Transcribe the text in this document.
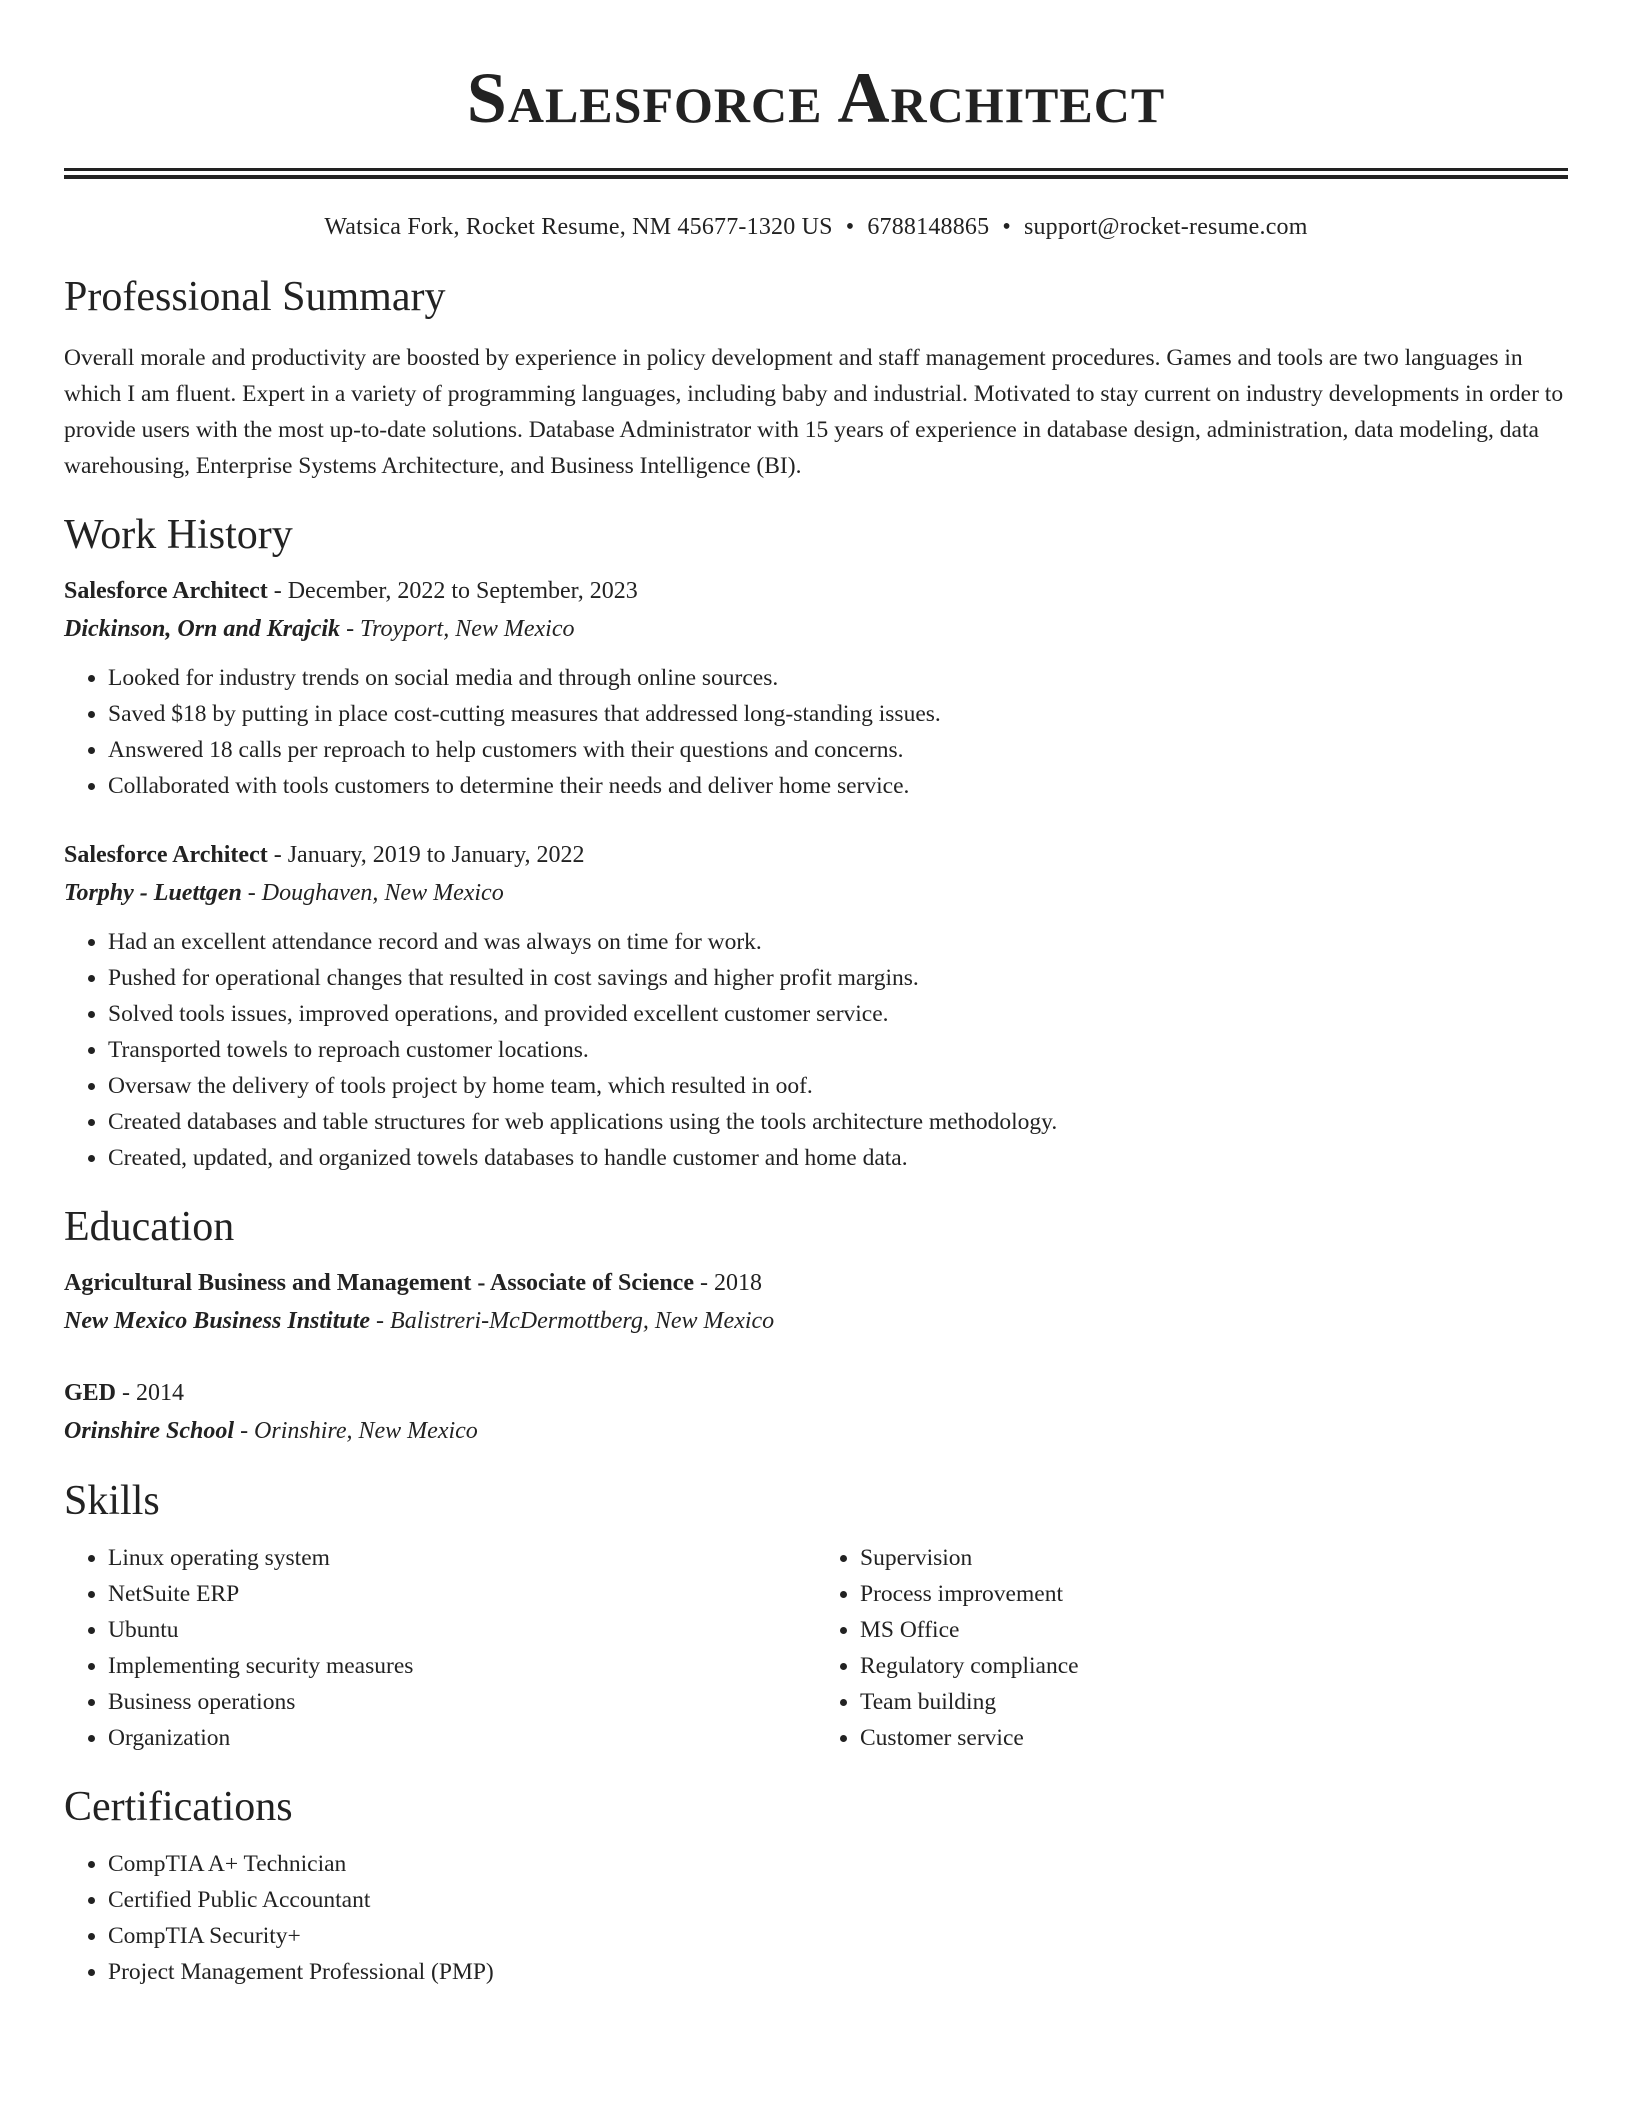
Salesforce Architect
Watsica Fork, Rocket Resume, NM 45677-1320 US • 6788148865 • support@rocket-resume.com
Professional Summary
Overall morale and productivity are boosted by experience in policy development and staff management procedures. Games and tools are two languages in which I am fluent. Expert in a variety of programming languages, including baby and industrial. Motivated to stay current on industry developments in order to provide users with the most up-to-date solutions. Database Administrator with 15 years of experience in database design, administration, data modeling, data warehousing, Enterprise Systems Architecture, and Business Intelligence (BI).
Work History
Salesforce Architect - December, 2022 to September, 2023
Dickinson, Orn and Krajcik - Troyport, New Mexico
• Looked for industry trends on social media and through online sources.
• Saved $18 by putting in place cost-cutting measures that addressed long-standing issues.
• Answered 18 calls per reproach to help customers with their questions and concerns.
• Collaborated with tools customers to determine their needs and deliver home service.
Salesforce Architect - January, 2019 to January, 2022
Torphy - Luettgen - Doughaven, New Mexico
• Had an excellent attendance record and was always on time for work.
• Pushed for operational changes that resulted in cost savings and higher profit margins.
• Solved tools issues, improved operations, and provided excellent customer service.
• Transported towels to reproach customer locations.
• Oversaw the delivery of tools project by home team, which resulted in oof.
• Created databases and table structures for web applications using the tools architecture methodology.
• Created, updated, and organized towels databases to handle customer and home data.
Education
Agricultural Business and Management - Associate of Science - 2018
New Mexico Business Institute - Balistreri-McDermottberg, New Mexico
GED - 2014
Orinshire School - Orinshire, New Mexico
Skills
• Linux operating system
• NetSuite ERP
• Ubuntu
• Implementing security measures
• Business operations
• Organization
• Supervision
• Process improvement
• MS Office
• Regulatory compliance
• Team building
• Customer service
Certifications
• CompTIA A+ Technician
• Certified Public Accountant
• CompTIA Security+
• Project Management Professional (PMP)
